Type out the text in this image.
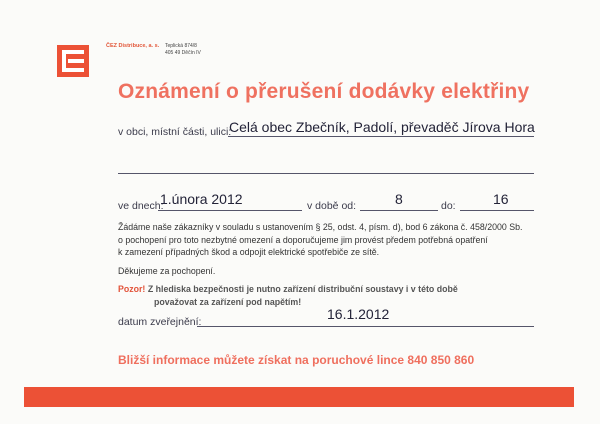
ČEZ Distribuce, a. s. Teplická 874/8
405 49 Děčín IV
Oznámení o přerušení dodávky elektřiny
v obci, místní části, ulici:
Celá obec Zbečník, Padolí, převaděč Jírova Hora
ve dnech:
1.února 2012	v době od:	8	do:	16
Žádáme naše zákazníky v souladu s ustanovením § 25, odst. 4, písm. d), bod 6 zákona č. 458/2000 Sb.
o pochopení pro toto nezbytné omezení a doporučujeme jim provést předem potřebná opatření
k zamezení případných škod a odpojit elektrické spotřebiče ze sítě.
Děkujeme za pochopení.
Pozor! Z hlediska bezpečnosti je nutno zařízení distribuční soustavy i v této době
považovat za zařízení pod napětím!
datum zveřejnění:	16.1.2012
Bližší informace můžete získat na poruchové lince 840 850 860
